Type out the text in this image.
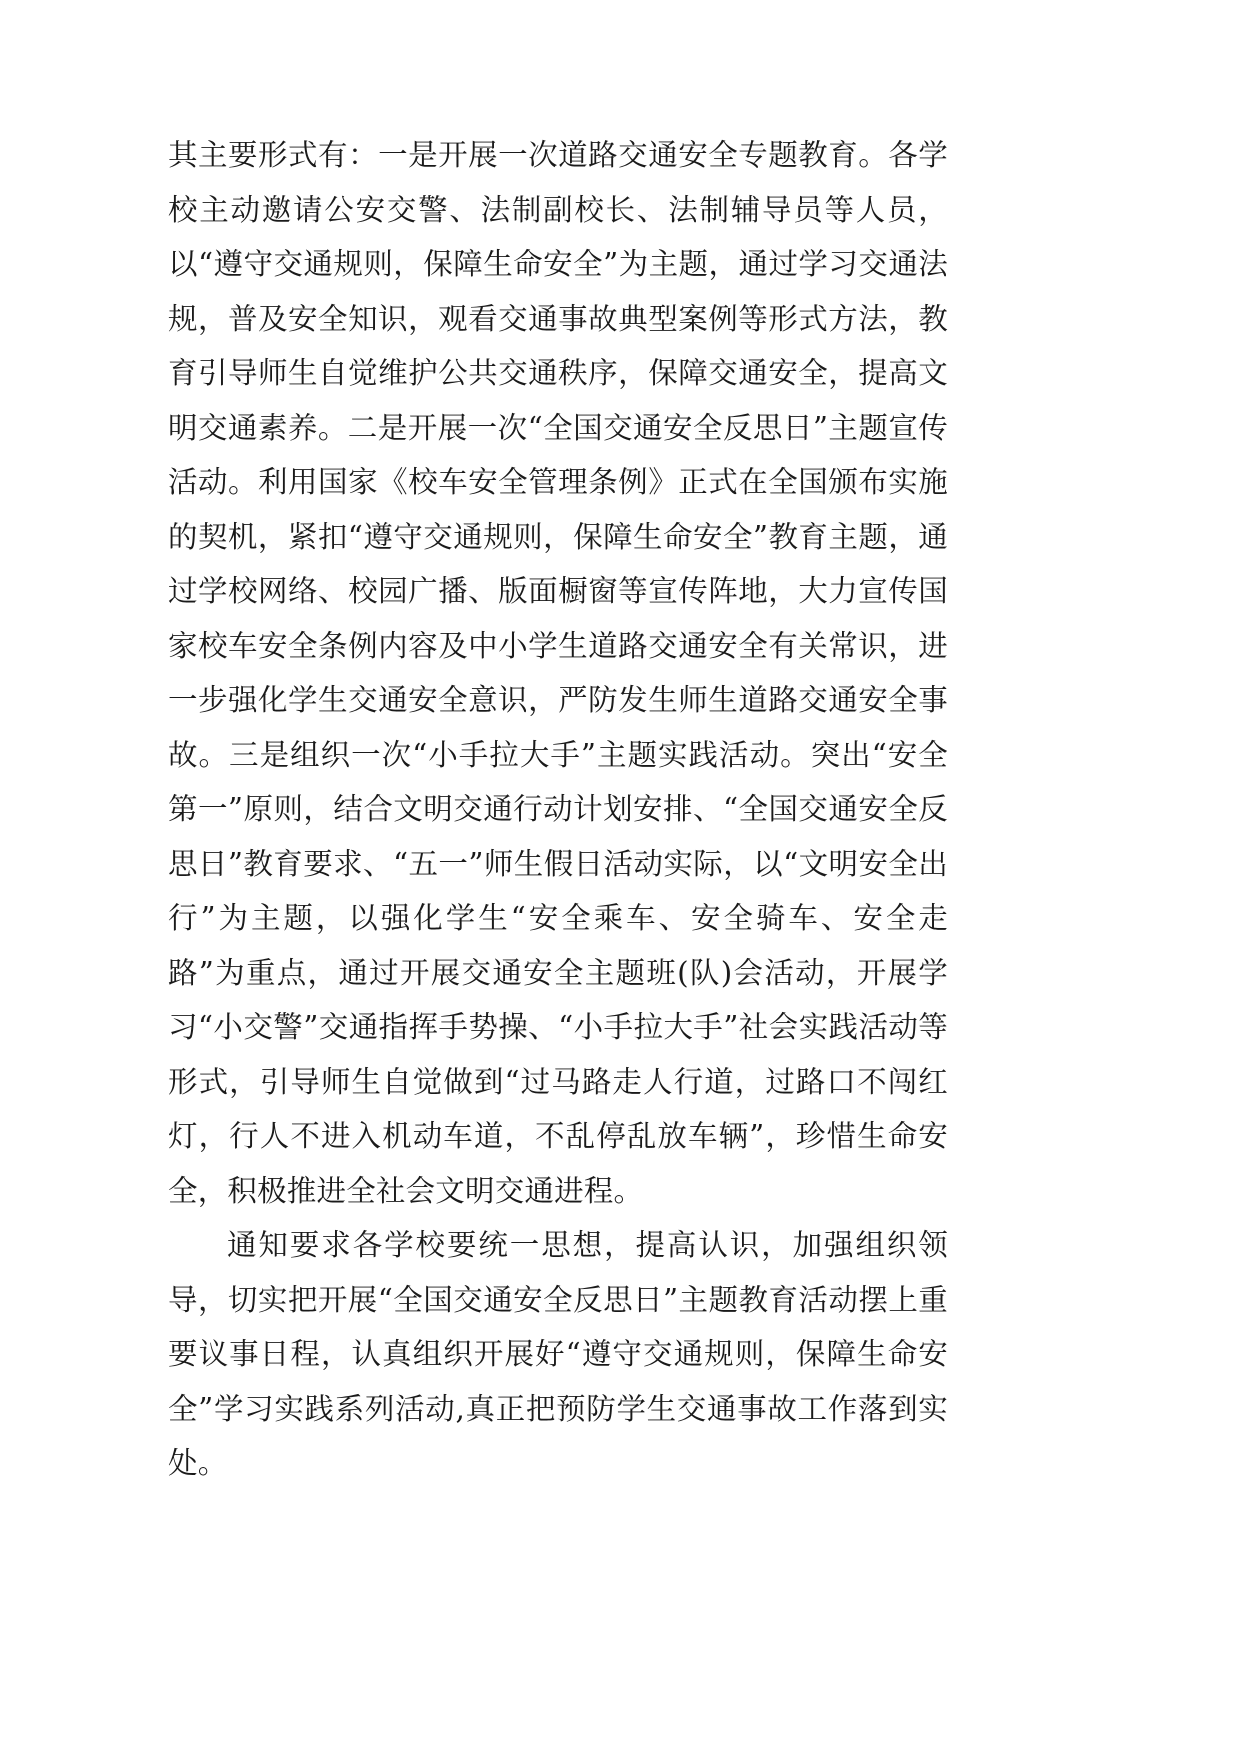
其主要形式有：一是开展一次道路交通安全专题教育。各学校主动邀请公安交警、法制副校长、法制辅导员等人员，以“遵守交通规则，保障生命安全”为主题，通过学习交通法规，普及安全知识，观看交通事故典型案例等形式方法，教育引导师生自觉维护公共交通秩序，保障交通安全，提高文明交通素养。二是开展一次“全国交通安全反思日”主题宣传活动。利用国家《校车安全管理条例》正式在全国颁布实施的契机，紧扣“遵守交通规则，保障生命安全”教育主题，通过学校网络、校园广播、版面橱窗等宣传阵地，大力宣传国家校车安全条例内容及中小学生道路交通安全有关常识，进一步强化学生交通安全意识，严防发生师生道路交通安全事故。三是组织一次“小手拉大手”主题实践活动。突出“安全第一”原则，结合文明交通行动计划安排、“全国交通安全反思日”教育要求、“五一”师生假日活动实际，以“文明安全出行”为主题，以强化学生“安全乘车、安全骑车、安全走路”为重点，通过开展交通安全主题班(队)会活动，开展学习“小交警”交通指挥手势操、“小手拉大手”社会实践活动等形式，引导师生自觉做到“过马路走人行道，过路口不闯红灯，行人不进入机动车道，不乱停乱放车辆”，珍惜生命安全，积极推进全社会文明交通进程。

通知要求各学校要统一思想，提高认识，加强组织领导，切实把开展“全国交通安全反思日”主题教育活动摆上重要议事日程，认真组织开展好“遵守交通规则，保障生命安全”学习实践系列活动,真正把预防学生交通事故工作落到实处。
